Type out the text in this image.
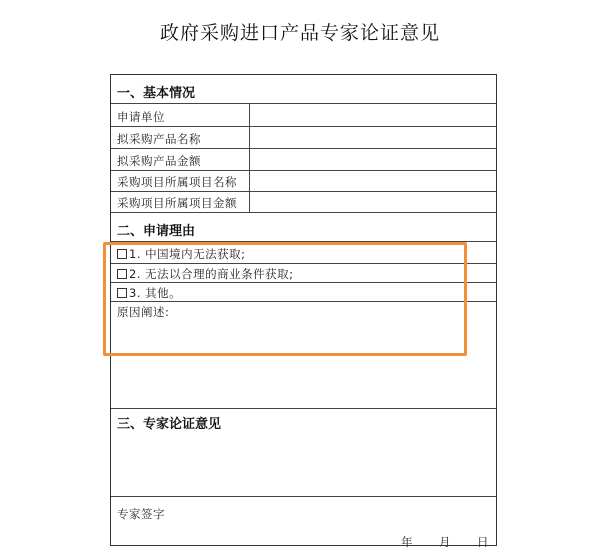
政府采购进口产品专家论证意见
一、基本情况
申请单位
拟采购产品名称
拟采购产品金额
采购项目所属项目名称
采购项目所属项目金额
二、申请理由
1. 中国境内无法获取;
2. 无法以合理的商业条件获取;
3. 其他。
原因阐述:
三、专家论证意见
专家签字
年 月 日
